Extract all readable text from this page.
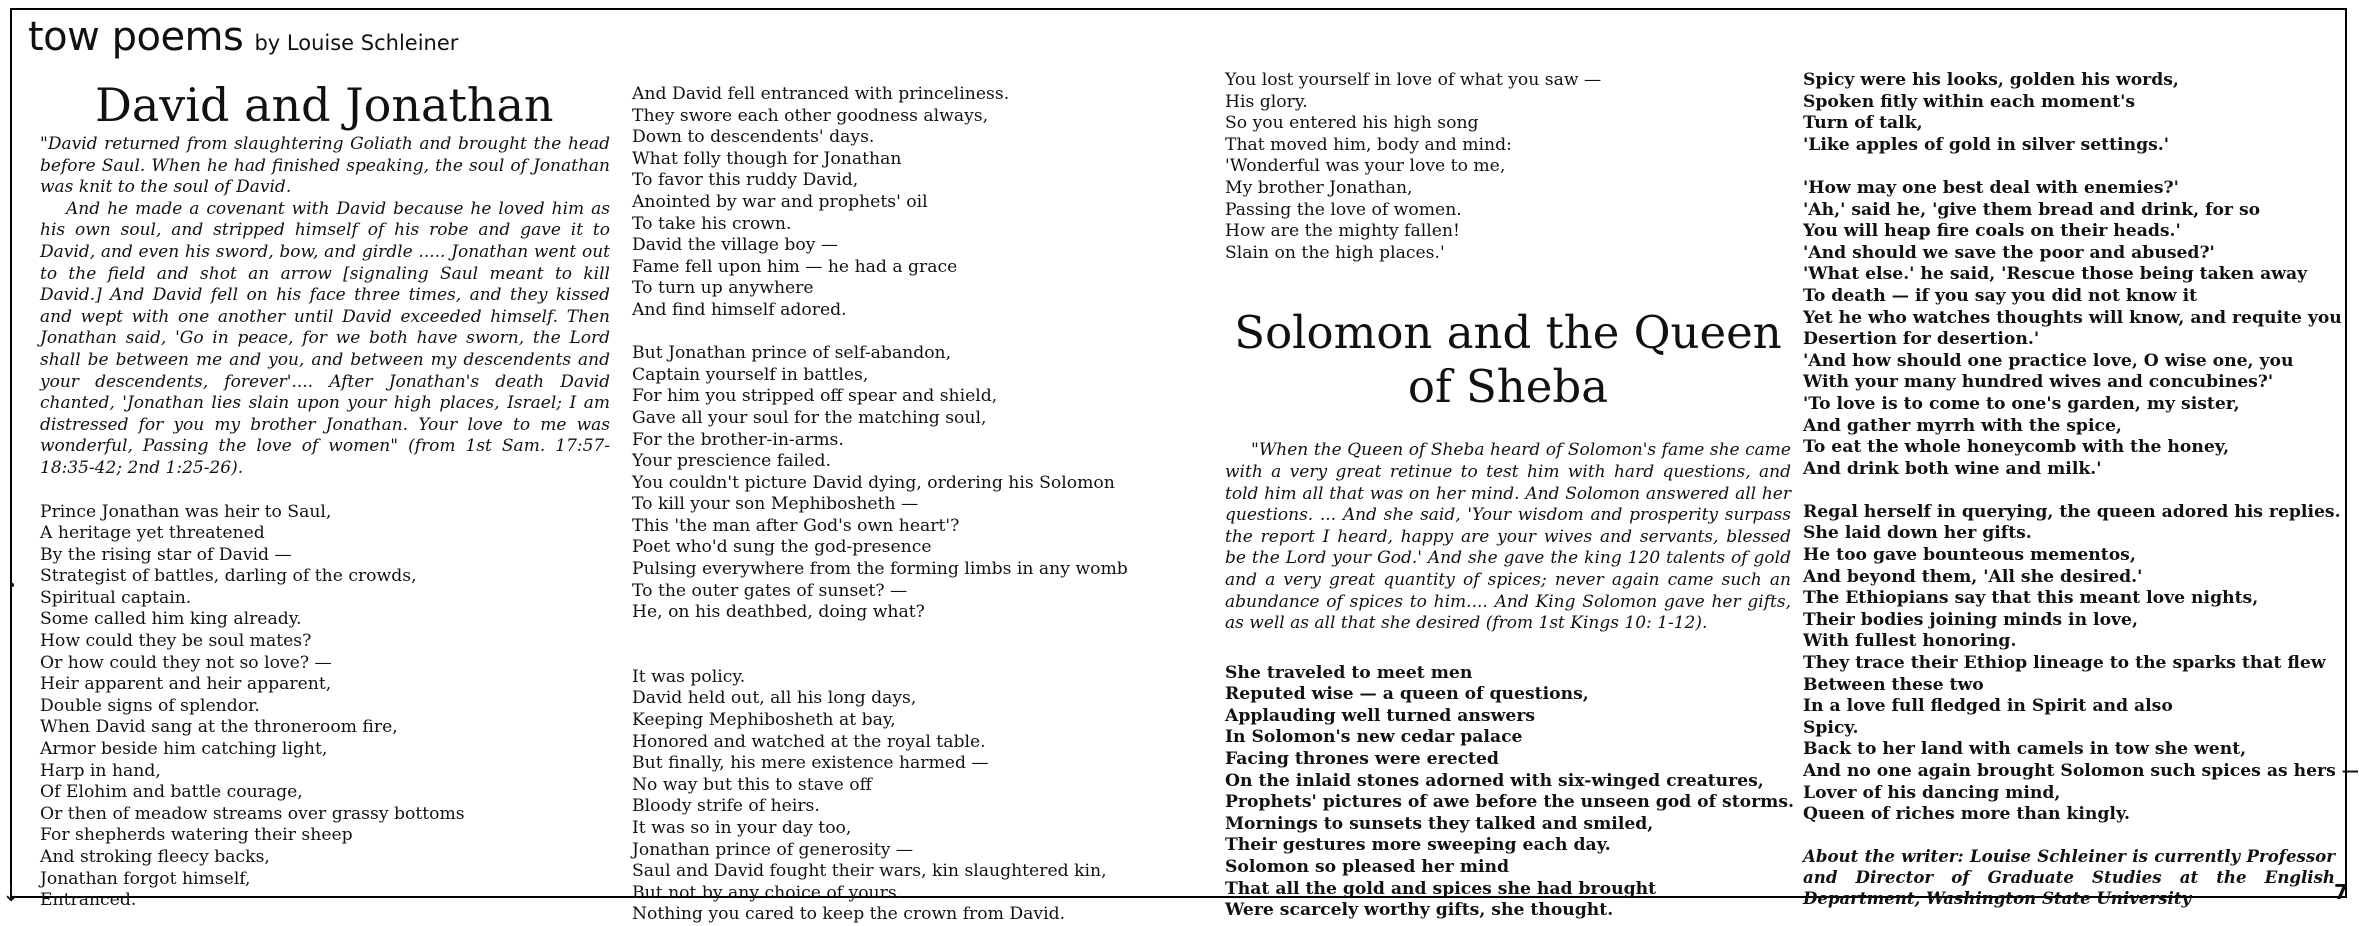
tow poems by Louise Schleiner
David and Jonathan

"David returned from slaughtering Goliath and brought the head before Saul. When he had finished speaking, the soul of Jonathan was knit to the soul of David.

And he made a covenant with David because he loved him as his own soul, and stripped himself of his robe and gave it to David, and even his sword, bow, and girdle ..... Jonathan went out to the field and shot an arrow [signaling Saul meant to kill David.] And David fell on his face three times, and they kissed and wept with one another until David exceeded himself. Then Jonathan said, 'Go in peace, for we both have sworn, the Lord shall be between me and you, and between my descendents and your descendents, forever'.... After Jonathan's death David chanted, 'Jonathan lies slain upon your high places, Israel; I am distressed for you my brother Jonathan. Your love to me was wonderful, Passing the love of women" (from 1st Sam. 17:57-18:35-42; 2nd 1:25-26).

Prince Jonathan was heir to Saul,
A heritage yet threatened
By the rising star of David —
Strategist of battles, darling of the crowds,
Spiritual captain.
Some called him king already.
How could they be soul mates?
Or how could they not so love? —
Heir apparent and heir apparent,
Double signs of splendor.
When David sang at the throneroom fire,
Armor beside him catching light,
Harp in hand,
Of Elohim and battle courage,
Or then of meadow streams over grassy bottoms
For shepherds watering their sheep
And stroking fleecy backs,
Jonathan forgot himself,
Entranced.
And David fell entranced with princeliness.
They swore each other goodness always,
Down to descendents' days.
What folly though for Jonathan
To favor this ruddy David,
Anointed by war and prophets' oil
To take his crown.
David the village boy —
Fame fell upon him — he had a grace
To turn up anywhere
And find himself adored.
But Jonathan prince of self-abandon,
Captain yourself in battles,
For him you stripped off spear and shield,
Gave all your soul for the matching soul,
For the brother-in-arms.
Your prescience failed.
You couldn't picture David dying, ordering his Solomon
To kill your son Mephibosheth —
This 'the man after God's own heart'?
Poet who'd sung the god-presence
Pulsing everywhere from the forming limbs in any womb
To the outer gates of sunset? —
He, on his deathbed, doing what?
It was policy.
David held out, all his long days,
Keeping Mephibosheth at bay,
Honored and watched at the royal table.
But finally, his mere existence harmed —
No way but this to stave off
Bloody strife of heirs.
It was so in your day too,
Jonathan prince of generosity —
Saul and David fought their wars, kin slaughtered kin,
But not by any choice of yours.
Nothing you cared to keep the crown from David.
You lost yourself in love of what you saw —
His glory.
So you entered his high song
That moved him, body and mind:
'Wonderful was your love to me,
My brother Jonathan,
Passing the love of women.
How are the mighty fallen!
Slain on the high places.'
Solomon and the Queen
of Sheba

"When the Queen of Sheba heard of Solomon's fame she came with a very great retinue to test him with hard questions, and told him all that was on her mind. And Solomon answered all her questions. ... And she said, 'Your wisdom and prosperity surpass the report I heard, happy are your wives and servants, blessed be the Lord your God.' And she gave the king 120 talents of gold and a very great quantity of spices; never again came such an abundance of spices to him.... And King Solomon gave her gifts, as well as all that she desired (from 1st Kings 10: 1-12).

She traveled to meet men
Reputed wise — a queen of questions,
Applauding well turned answers
In Solomon's new cedar palace
Facing thrones were erected
On the inlaid stones adorned with six-winged creatures,
Prophets' pictures of awe before the unseen god of storms.
Mornings to sunsets they talked and smiled,
Their gestures more sweeping each day.
Solomon so pleased her mind
That all the gold and spices she had brought
Were scarcely worthy gifts, she thought.
Spicy were his looks, golden his words,
Spoken fitly within each moment's
Turn of talk,
'Like apples of gold in silver settings.'
'How may one best deal with enemies?'
'Ah,' said he, 'give them bread and drink, for so
You will heap fire coals on their heads.'
'And should we save the poor and abused?'
'What else.' he said, 'Rescue those being taken away
To death — if you say you did not know it
Yet he who watches thoughts will know, and requite you
Desertion for desertion.'
'And how should one practice love, O wise one, you
With your many hundred wives and concubines?'
'To love is to come to one's garden, my sister,
And gather myrrh with the spice,
To eat the whole honeycomb with the honey,
And drink both wine and milk.'
Regal herself in querying, the queen adored his replies.
She laid down her gifts.
He too gave bounteous mementos,
And beyond them, 'All she desired.'
The Ethiopians say that this meant love nights,
Their bodies joining minds in love,
With fullest honoring.
They trace their Ethiop lineage to the sparks that flew
Between these two
In a love full fledged in Spirit and also
Spicy.
Back to her land with camels in tow she went,
And no one again brought Solomon such spices as hers —
Lover of his dancing mind,
Queen of riches more than kingly.
About the writer: Louise Schleiner is currently Professor and Director of Graduate Studies at the English Department, Washington State University
•
↓	7
